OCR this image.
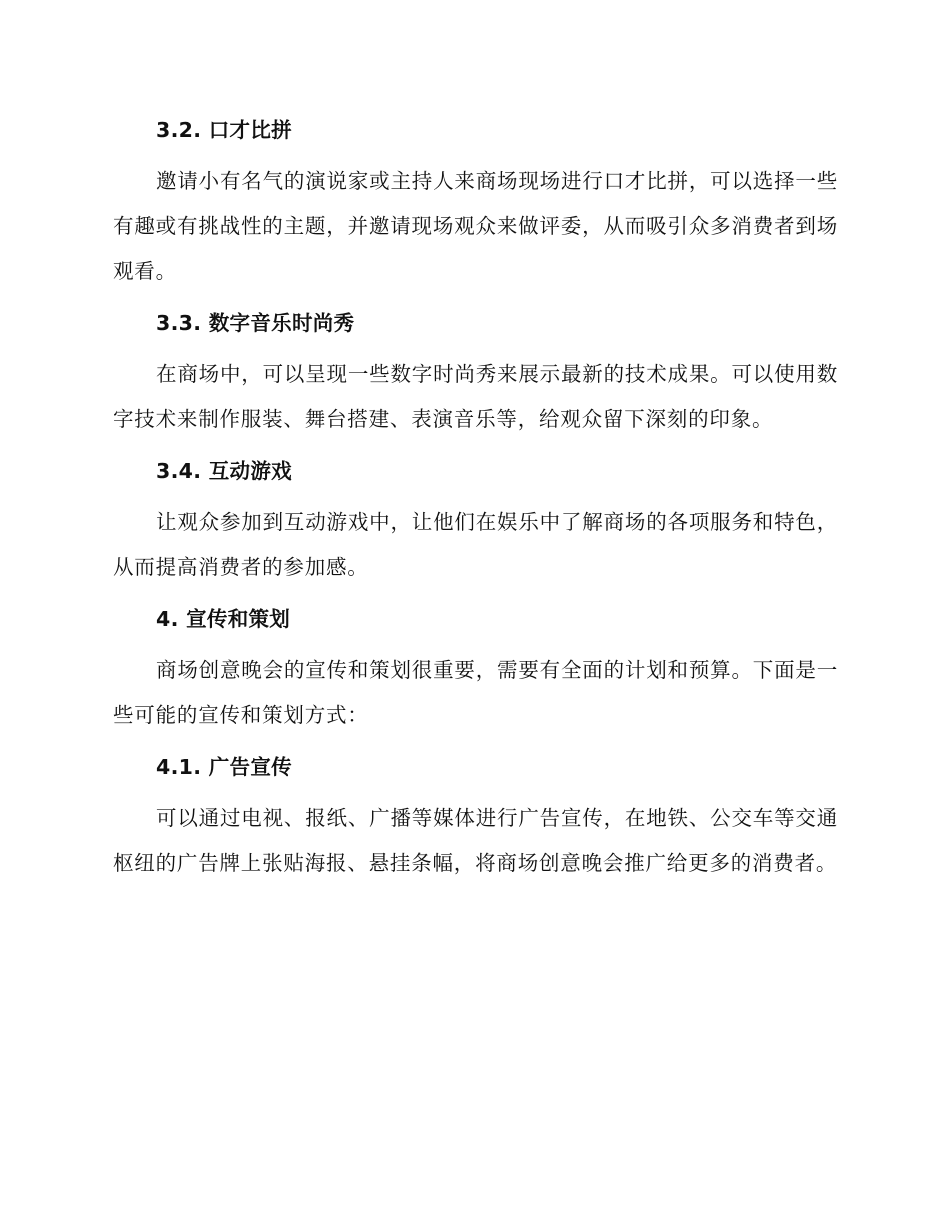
3.2. 口才比拼

邀请小有名气的演说家或主持人来商场现场进行口才比拼，可以选择一些有趣或有挑战性的主题，并邀请现场观众来做评委，从而吸引众多消费者到场观看。

3.3. 数字音乐时尚秀

在商场中，可以呈现一些数字时尚秀来展示最新的技术成果。可以使用数字技术来制作服装、舞台搭建、表演音乐等，给观众留下深刻的印象。

3.4. 互动游戏

让观众参加到互动游戏中，让他们在娱乐中了解商场的各项服务和特色，从而提高消费者的参加感。

4. 宣传和策划

商场创意晚会的宣传和策划很重要，需要有全面的计划和预算。下面是一些可能的宣传和策划方式：

4.1. 广告宣传

可以通过电视、报纸、广播等媒体进行广告宣传，在地铁、公交车等交通枢纽的广告牌上张贴海报、悬挂条幅，将商场创意晚会推广给更多的消费者。
